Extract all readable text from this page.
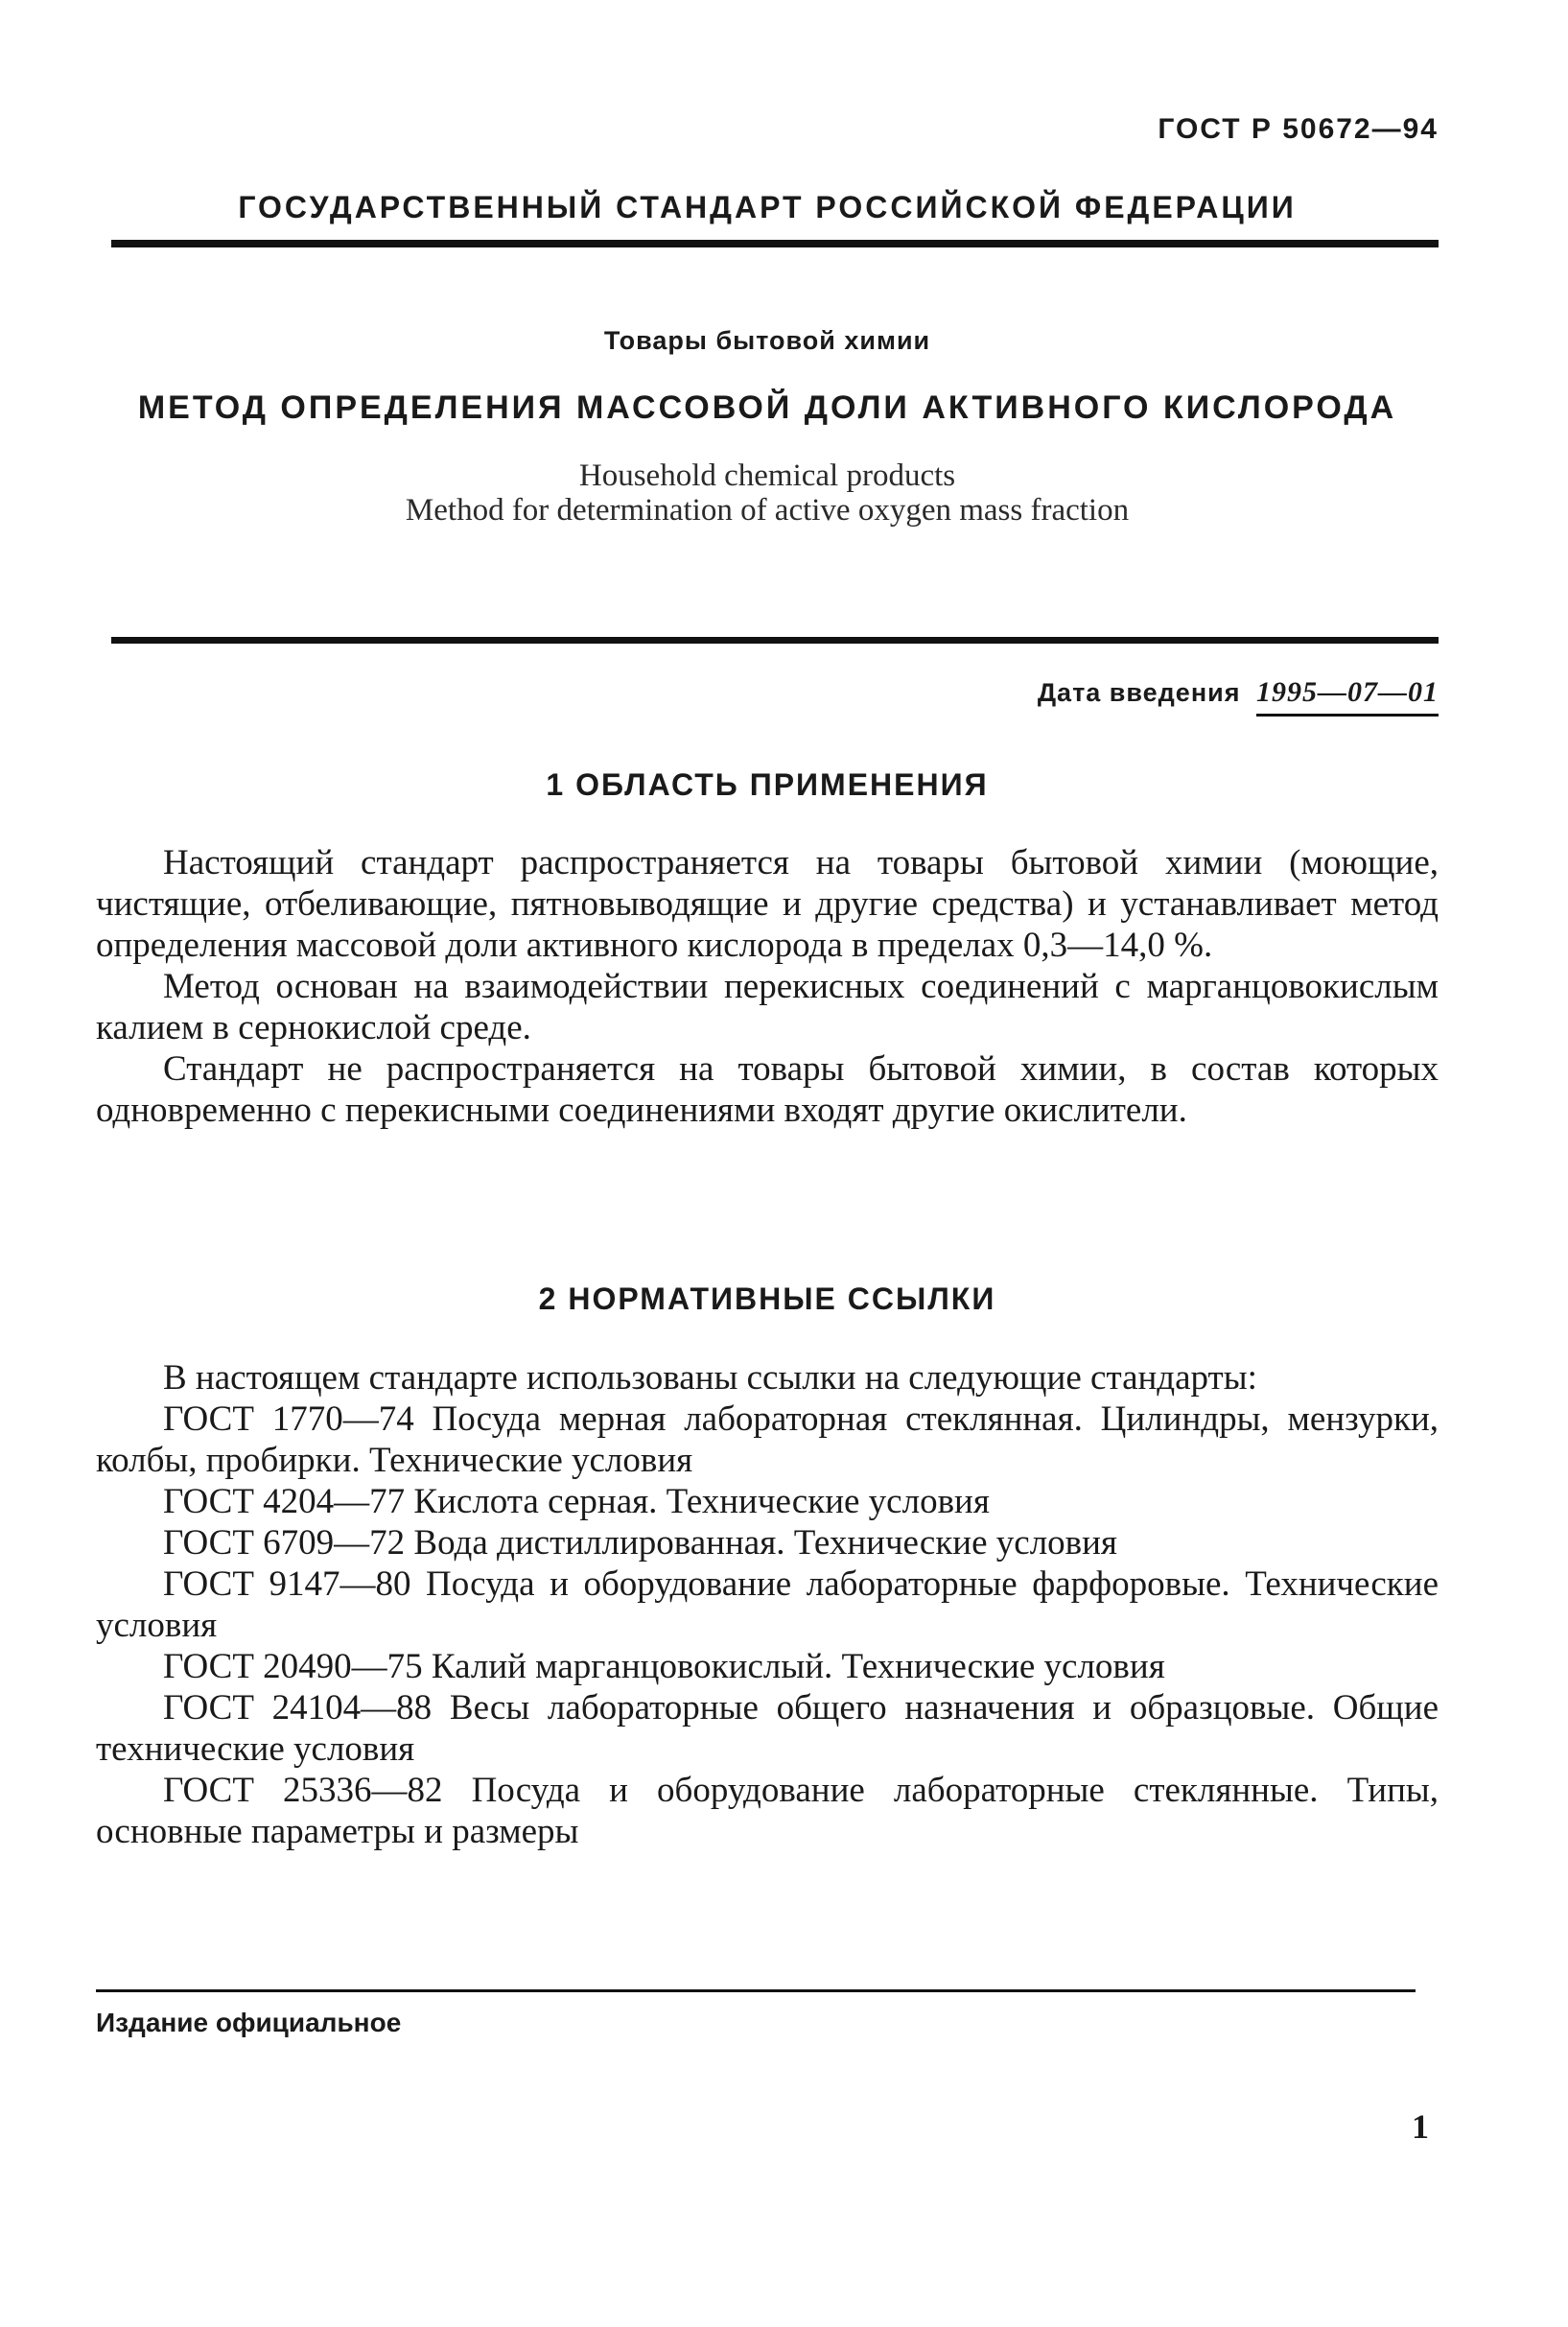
ГОСТ Р 50672—94
ГОСУДАРСТВЕННЫЙ СТАНДАРТ РОССИЙСКОЙ ФЕДЕРАЦИИ
Товары бытовой химии
МЕТОД ОПРЕДЕЛЕНИЯ МАССОВОЙ ДОЛИ АКТИВНОГО КИСЛОРОДА
Household chemical products
Method for determination of active oxygen mass fraction
Дата введения 1995—07—01
1 ОБЛАСТЬ ПРИМЕНЕНИЯ

Настоящий стандарт распространяется на товары бытовой химии (моющие, чистящие, отбеливающие, пятновыводящие и другие средства) и устанавливает метод определения массовой доли активного кислорода в пределах 0,3—14,0 %.

Метод основан на взаимодействии перекисных соединений с марганцовокислым калием в сернокислой среде.

Стандарт не распространяется на товары бытовой химии, в состав которых одновременно с перекисными соединениями входят другие окислители.

2 НОРМАТИВНЫЕ ССЫЛКИ

В настоящем стандарте использованы ссылки на следующие стандарты:

ГОСТ 1770—74 Посуда мерная лабораторная стеклянная. Цилиндры, мензурки, колбы, пробирки. Технические условия

ГОСТ 4204—77 Кислота серная. Технические условия

ГОСТ 6709—72 Вода дистиллированная. Технические условия

ГОСТ 9147—80 Посуда и оборудование лабораторные фарфоровые. Технические условия

ГОСТ 20490—75 Калий марганцовокислый. Технические условия

ГОСТ 24104—88 Весы лабораторные общего назначения и образцовые. Общие технические условия

ГОСТ 25336—82 Посуда и оборудование лабораторные стеклянные. Типы, основные параметры и размеры

Издание официальное
1
